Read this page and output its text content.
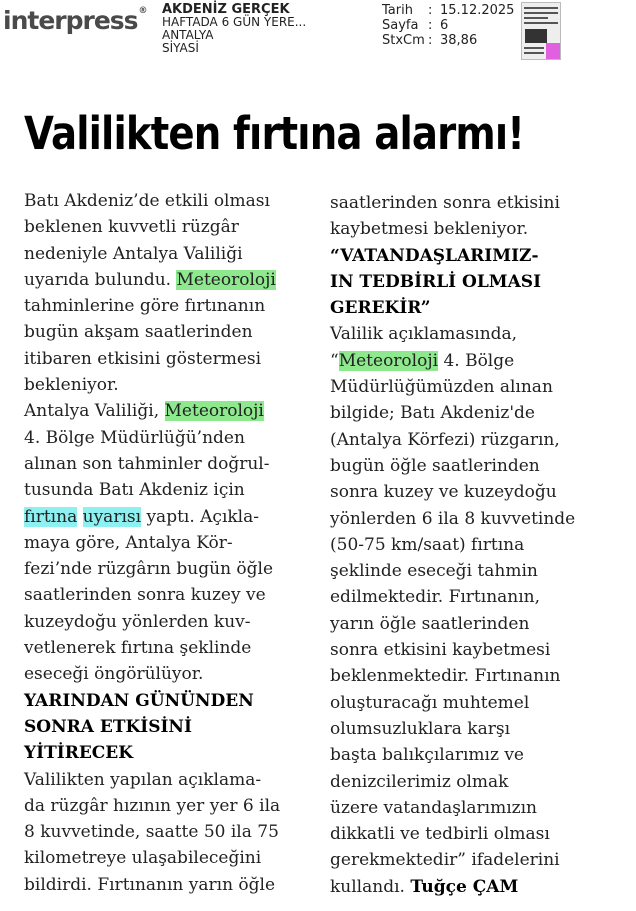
interpress® AKDENİZ GERÇEK
HAFTADA 6 GÜN YERE...
ANTALYA
SİYASİ
Tarih	: 15.12.2025
Sayfa : 6
StxCm : 38,86
Valilikten fırtına alarmı!
Batı Akdeniz’de etkili olması
beklenen kuvvetli rüzgâr
nedeniyle Antalya Valiliği
uyarıda bulundu. Meteoroloji
tahminlerine göre fırtınanın
bugün akşam saatlerinden
itibaren etkisini göstermesi
bekleniyor.
Antalya Valiliği, Meteoroloji
4. Bölge Müdürlüğü’nden
alınan son tahminler doğrul-
tusunda Batı Akdeniz için
fırtına uyarısı yaptı. Açıkla-
maya göre, Antalya Kör-
fezi’nde rüzgârın bugün öğle
saatlerinden sonra kuzey ve
kuzeydoğu yönlerden kuv-
vetlenerek fırtına şeklinde
eseceği öngörülüyor.
YARINDAN GÜNÜNDEN
SONRA ETKİSİNİ
YİTİRECEK
Valilikten yapılan açıklama-
da rüzgâr hızının yer yer 6 ila
8 kuvvetinde, saatte 50 ila 75
kilometreye ulaşabileceğini
bildirdi. Fırtınanın yarın öğle
saatlerinden sonra etkisini
kaybetmesi bekleniyor.
“VATANDAŞLARIMIZ-
IN TEDBİRLİ OLMASI
GEREKİR”
Valilik açıklamasında,
“Meteoroloji 4. Bölge
Müdürlüğümüzden alınan
bilgide; Batı Akdeniz'de
(Antalya Körfezi) rüzgarın,
bugün öğle saatlerinden
sonra kuzey ve kuzeydoğu
yönlerden 6 ila 8 kuvvetinde
(50-75 km/saat) fırtına
şeklinde eseceği tahmin
edilmektedir. Fırtınanın,
yarın öğle saatlerinden
sonra etkisini kaybetmesi
beklenmektedir. Fırtınanın
oluşturacağı muhtemel
olumsuzluklara karşı
başta balıkçılarımız ve
denizcilerimiz olmak
üzere vatandaşlarımızın
dikkatli ve tedbirli olması
gerekmektedir” ifadelerini
kullandı. Tuğçe ÇAM
